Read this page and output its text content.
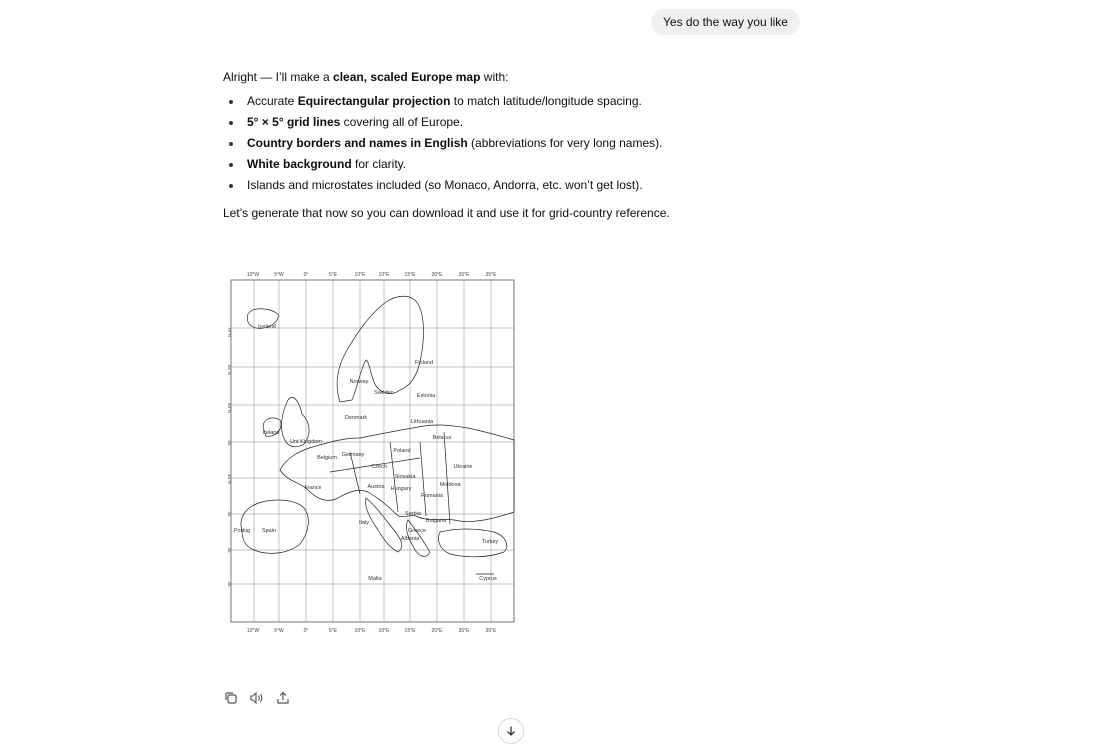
Yes do the way you like

Alright — I’ll make a clean, scaled Europe map with:

Accurate Equirectangular projection to match latitude/longitude spacing.
5° × 5° grid lines covering all of Europe.
Country borders and names in English (abbreviations for very long names).
White background for clarity.
Islands and microstates included (so Monaco, Andorra, etc. won’t get lost).

Let’s generate that now so you can download it and use it for grid-country reference.

Iceland
Finland
Norway
Sweden	Estonia
Denmark
Lithuania
Ireland
Unt Kingdom
Belarus
Belgium Germany
Poland
Czech	Ukraine
Slovakia
Moldova
France	Austria Hungary
Romania
Portug Spain
Serbia
Italy	Bulgaria
Albania
Greece
Turkey
Malta	Cyprus
10°W	5°W	0°	5°E	10°E	10°E	15°E	20°E	35°E	35°E
10°W	5°W	0°	5°E	10°E	10°E	15°E	20°E	35°E	30°E
70°N
65°N
60°N
55
45°N
45
35
35
